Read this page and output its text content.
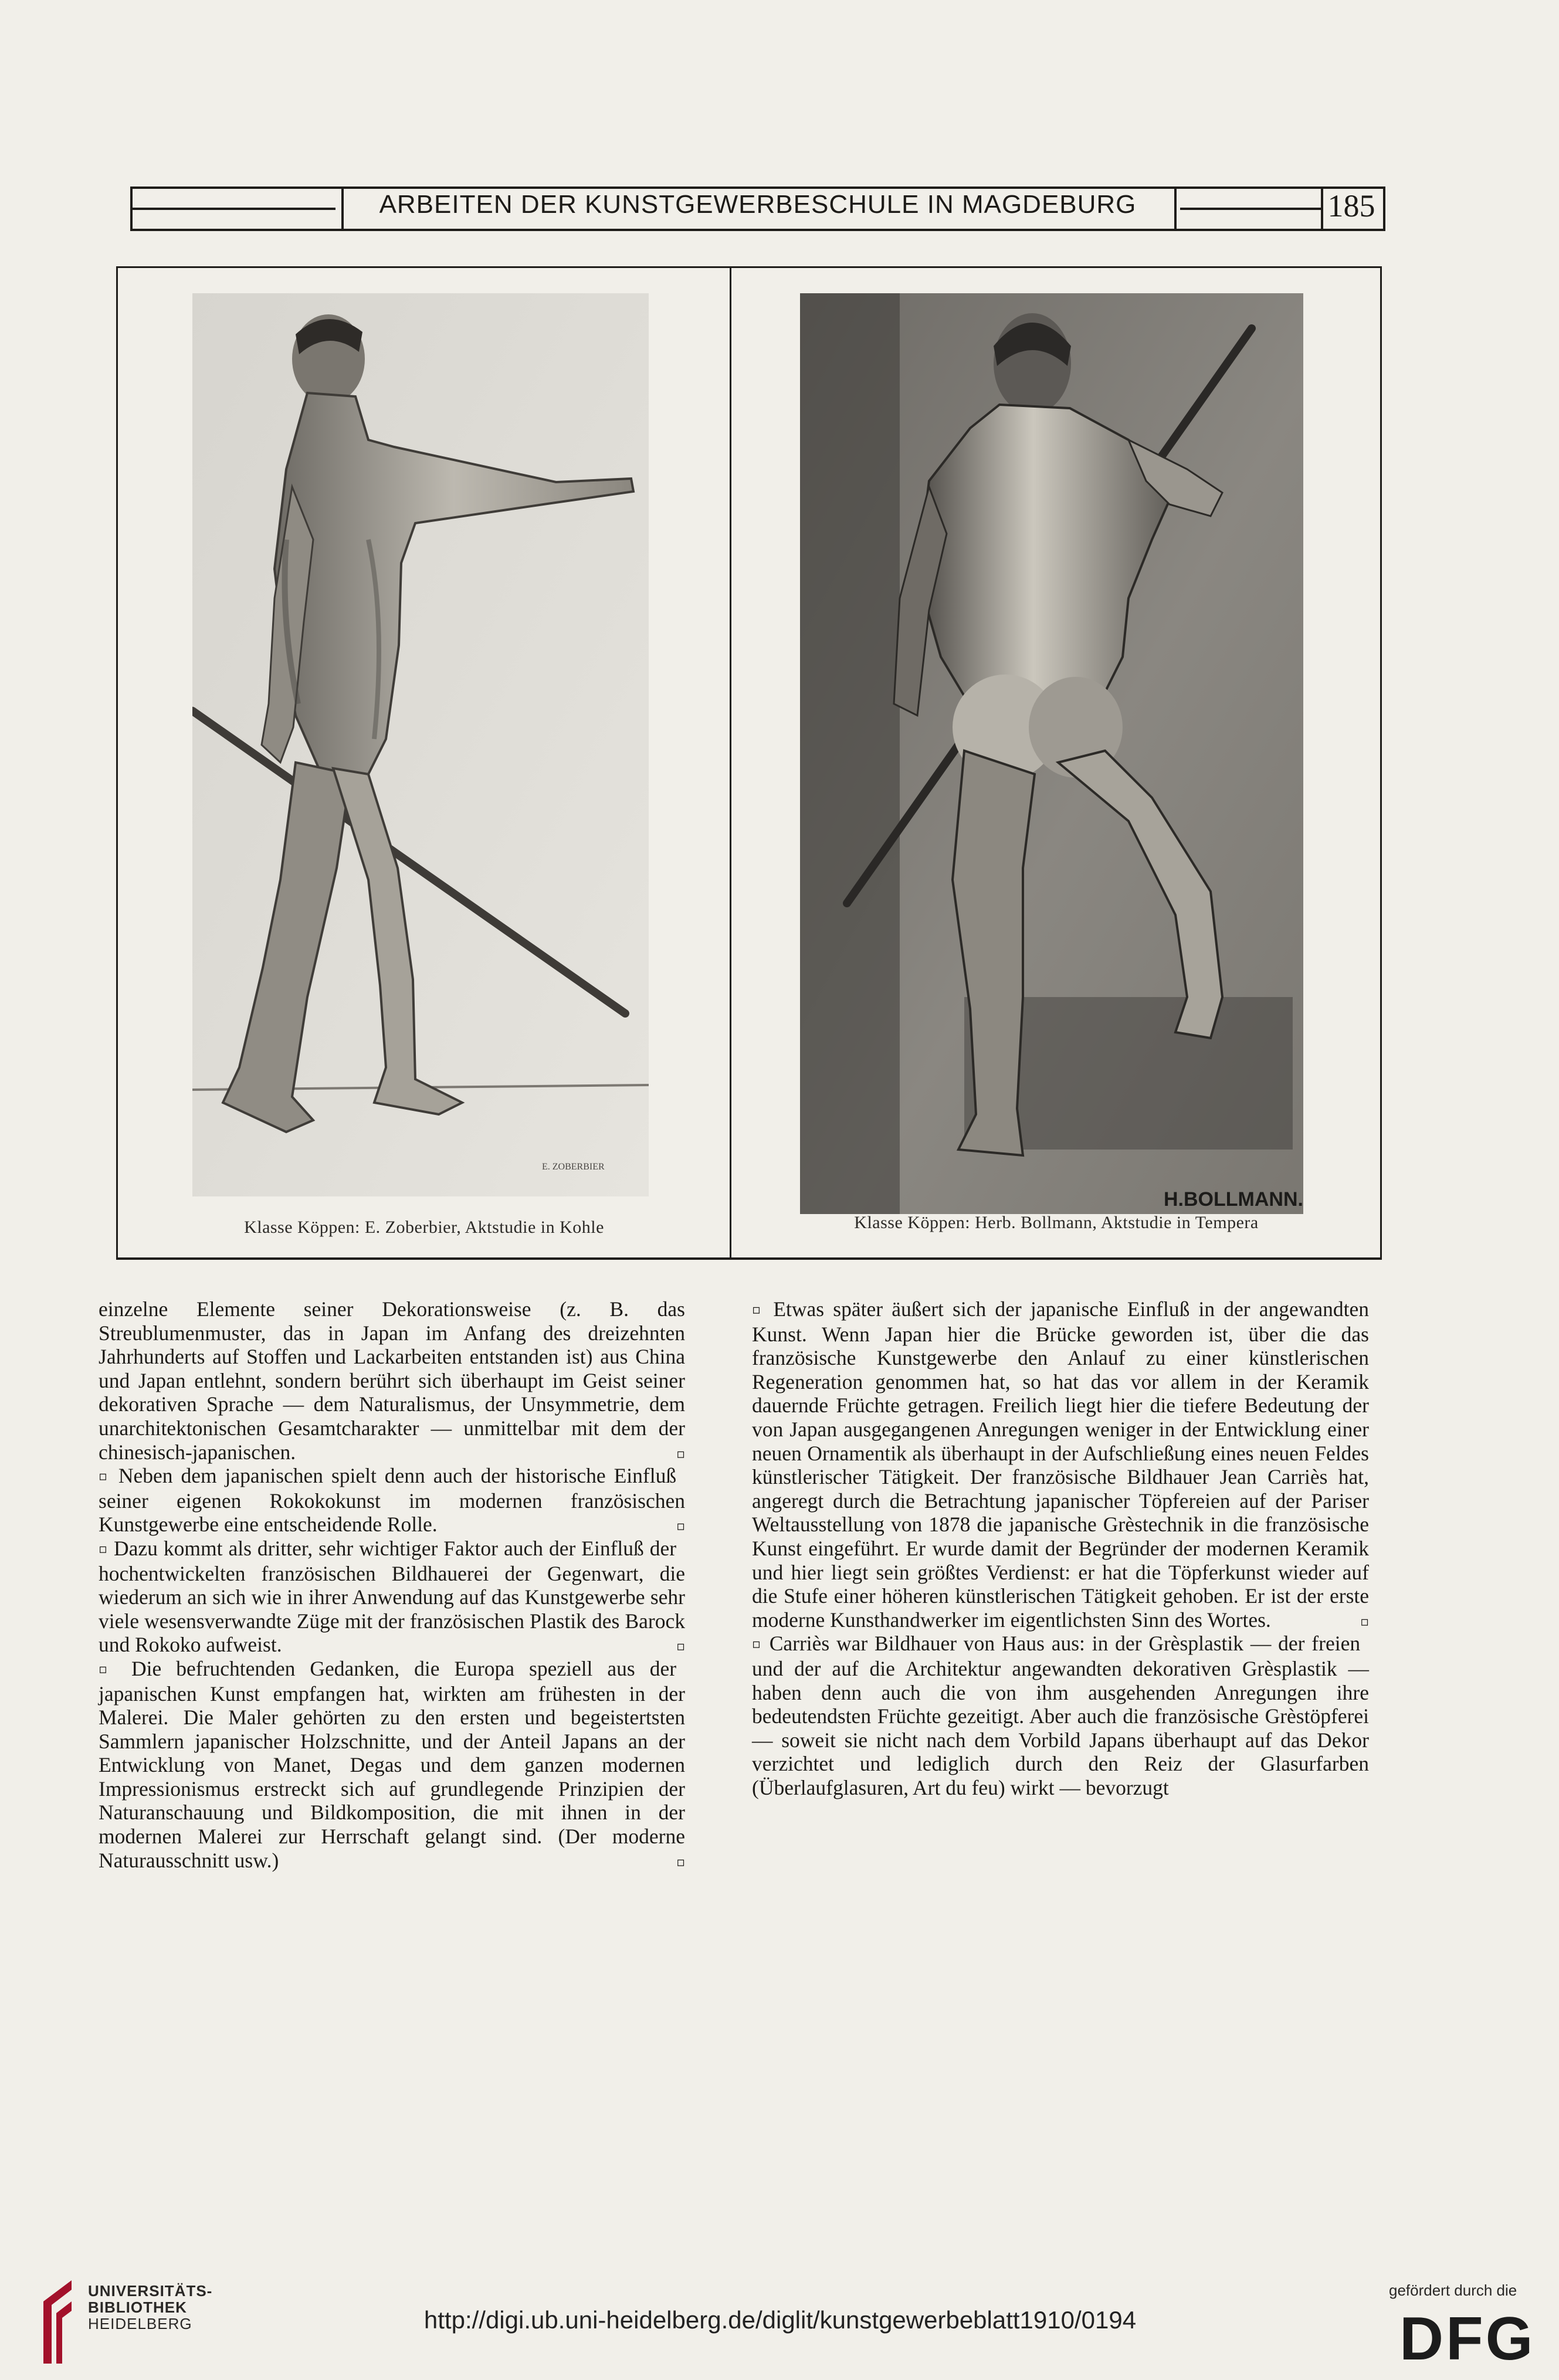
ARBEITEN DER KUNSTGEWERBESCHULE IN MAGDEBURG	185
E. ZOBERBIER
Klasse Köppen: E. Zoberbier, Aktstudie in Kohle
H.BOLLMANN.
Klasse Köppen: Herb. Bollmann, Aktstudie in Tempera

einzelne Elemente seiner Dekorationsweise (z. B. das Streublumenmuster, das in Japan im Anfang des dreizehnten Jahrhunderts auf Stoffen und Lackarbeiten entstanden ist) aus China und Japan entlehnt, sondern berührt sich überhaupt im Geist seiner dekorativen Sprache — dem Naturalismus, der Unsymmetrie, dem unarchitektonischen Gesamtcharakter — unmittelbar mit dem der chinesisch-japanischen.	▫

▫ Neben dem japanischen spielt denn auch der historische Einfluß seiner eigenen Rokokokunst im modernen französischen Kunstgewerbe eine entscheidende Rolle.	▫

▫ Dazu kommt als dritter, sehr wichtiger Faktor auch der Einfluß der hochentwickelten französischen Bildhauerei der Gegenwart, die wiederum an sich wie in ihrer Anwendung auf das Kunstgewerbe sehr viele wesensverwandte Züge mit der französischen Plastik des Barock und Rokoko aufweist.	▫

▫ Die befruchtenden Gedanken, die Europa speziell aus der japanischen Kunst empfangen hat, wirkten am frühesten in der Malerei. Die Maler gehörten zu den ersten und begeistertsten Sammlern japanischer Holzschnitte, und der Anteil Japans an der Entwicklung von Manet, Degas und dem ganzen modernen Impressionismus erstreckt sich auf grundlegende Prinzipien der Naturanschauung und Bildkomposition, die mit ihnen in der modernen Malerei zur Herrschaft gelangt sind. (Der moderne Naturausschnitt usw.)	▫

▫ Etwas später äußert sich der japanische Einfluß in der angewandten Kunst. Wenn Japan hier die Brücke geworden ist, über die das französische Kunstgewerbe den Anlauf zu einer künstlerischen Regeneration genommen hat, so hat das vor allem in der Keramik dauernde Früchte getragen. Freilich liegt hier die tiefere Bedeutung der von Japan ausgegangenen Anregungen weniger in der Entwicklung einer neuen Ornamentik als überhaupt in der Aufschließung eines neuen Feldes künstlerischer Tätigkeit. Der französische Bildhauer Jean Carriès hat, angeregt durch die Betrachtung japanischer Töpfereien auf der Pariser Weltausstellung von 1878 die japanische Grèstechnik in die französische Kunst eingeführt. Er wurde damit der Begründer der modernen Keramik und hier liegt sein größtes Verdienst: er hat die Töpferkunst wieder auf die Stufe einer höheren künstlerischen Tätigkeit gehoben. Er ist der erste moderne Kunsthandwerker im eigentlichsten Sinn des Wortes.	▫

▫ Carriès war Bildhauer von Haus aus: in der Grèsplastik — der freien und der auf die Architektur angewandten dekorativen Grèsplastik — haben denn auch die von ihm ausgehenden Anregungen ihre bedeutendsten Früchte gezeitigt. Aber auch die französische Grèstöpferei — soweit sie nicht nach dem Vorbild Japans überhaupt auf das Dekor verzichtet und lediglich durch den Reiz der Glasurfarben (Überlaufglasuren, Art du feu) wirkt — bevorzugt

UNIVERSITÄTS-
BIBLIOTHEK
HEIDELBERG	http://digi.ub.uni-heidelberg.de/diglit/kunstgewerbeblatt1910/0194
gefördert durch die
DFG
